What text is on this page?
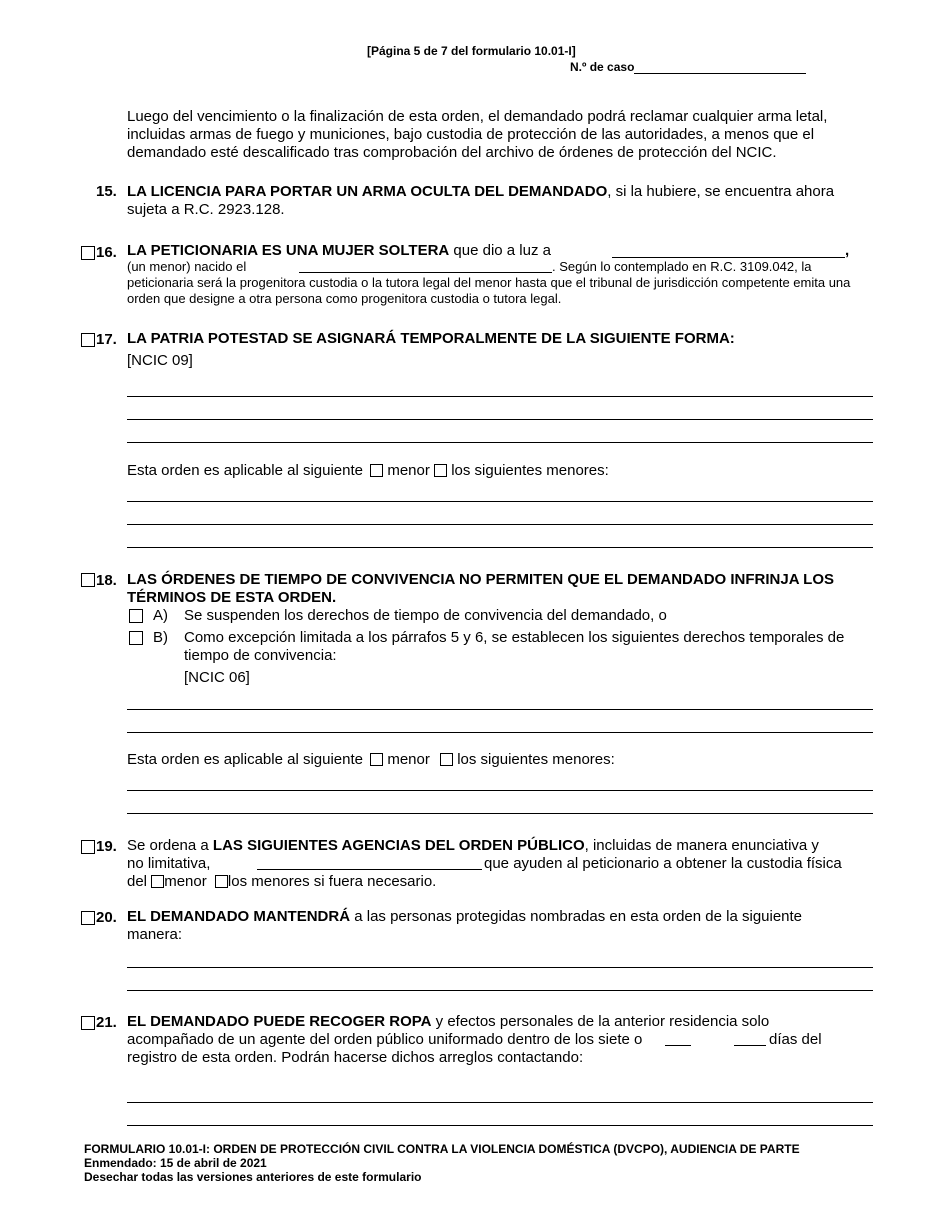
[Página 5 de 7 del formulario 10.01-I]
N.º de caso
Luego del vencimiento o la finalización de esta orden, el demandado podrá reclamar cualquier arma letal, incluidas armas de fuego y municiones, bajo custodia de protección de las autoridades, a menos que el demandado esté descalificado tras comprobación del archivo de órdenes de protección del NCIC.
15. LA LICENCIA PARA PORTAR UN ARMA OCULTA DEL DEMANDADO, si la hubiere, se encuentra ahora sujeta a R.C. 2923.128.
16. LA PETICIONARIA ES UNA MUJER SOLTERA que dio a luz a	,
(un menor) nacido el	. Según lo contemplado en R.C. 3109.042, la
peticionaria será la progenitora custodia o la tutora legal del menor hasta que el tribunal de jurisdicción competente emita una orden que designe a otra persona como progenitora custodia o tutora legal.
17. LA PATRIA POTESTAD SE ASIGNARÁ TEMPORALMENTE DE LA SIGUIENTE FORMA:
[NCIC 09]
Esta orden es aplicable al siguiente menor los siguientes menores:
18. LAS ÓRDENES DE TIEMPO DE CONVIVENCIA NO PERMITEN QUE EL DEMANDADO INFRINJA LOS TÉRMINOS DE ESTA ORDEN.
A) Se suspenden los derechos de tiempo de convivencia del demandado, o
B) Como excepción limitada a los párrafos 5 y 6, se establecen los siguientes derechos temporales de tiempo de convivencia:
[NCIC 06]
Esta orden es aplicable al siguiente menor los siguientes menores:
19. Se ordena a LAS SIGUIENTES AGENCIAS DEL ORDEN PÚBLICO, incluidas de manera enunciativa y
no limitativa,	que ayuden al peticionario a obtener la custodia física
del menor los menores si fuera necesario.
20. EL DEMANDADO MANTENDRÁ a las personas protegidas nombradas en esta orden de la siguiente manera:
21. EL DEMANDADO PUEDE RECOGER ROPA y efectos personales de la anterior residencia solo
acompañado de un agente del orden público uniformado dentro de los siete o	días del
registro de esta orden. Podrán hacerse dichos arreglos contactando:
FORMULARIO 10.01-I: ORDEN DE PROTECCIÓN CIVIL CONTRA LA VIOLENCIA DOMÉSTICA (DVCPO), AUDIENCIA DE PARTE
Enmendado: 15 de abril de 2021
Desechar todas las versiones anteriores de este formulario
